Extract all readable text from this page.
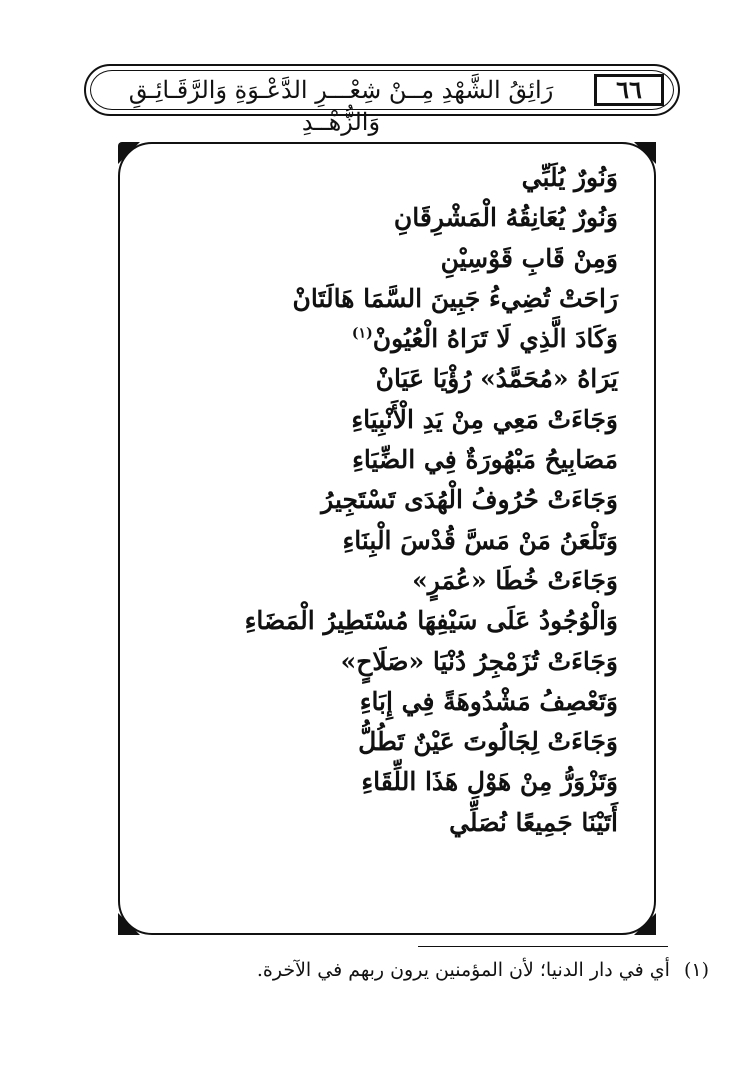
رَائِقُ الشَّهْدِ مِــنْ شِعْـــرِ الدَّعْـوَةِ وَالرَّقَـائِـقِ وَالزُّهْــدِ
٦٦
وَنُورٌ يُلَبِّي
وَنُورٌ يُعَانِقُهُ الْمَشْرِقَانِ
وَمِنْ قَابِ قَوْسِيْنِ
رَاحَتْ تُضِيءُ جَبِينَ السَّمَا هَالَتَانْ
وَكَادَ الَّذِي لَا تَرَاهُ الْعُيُونْ$^{(١)}$
يَرَاهُ «مُحَمَّدُ» رُؤْيَا عَيَانْ
وَجَاءَتْ مَعِي مِنْ يَدِ الْأَنْبِيَاءِ
مَصَابِيحُ مَبْهُورَةٌ فِي الضِّيَاءِ
وَجَاءَتْ حُرُوفُ الْهُدَى تَسْتَجِيرُ
وَتَلْعَنُ مَنْ مَسَّ قُدْسَ الْبِنَاءِ
وَجَاءَتْ خُطَا «عُمَرٍ»
وَالْوُجُودُ عَلَى سَيْفِهَا مُسْتَطِيرُ الْمَضَاءِ
وَجَاءَتْ تُزَمْجِرُ دُنْيَا «صَلَاحٍ»
وَتَعْصِفُ مَشْدُوهَةً فِي إِبَاءِ
وَجَاءَتْ لِجَالُوتَ عَيْنٌ تَطُلُّ
وَتَزْوَرُّ مِنْ هَوْلِ هَذَا اللِّقَاءِ
أَتَيْنَا جَمِيعًا نُصَلِّي
(١) أي في دار الدنيا؛ لأن المؤمنين يرون ربهم في الآخرة.
